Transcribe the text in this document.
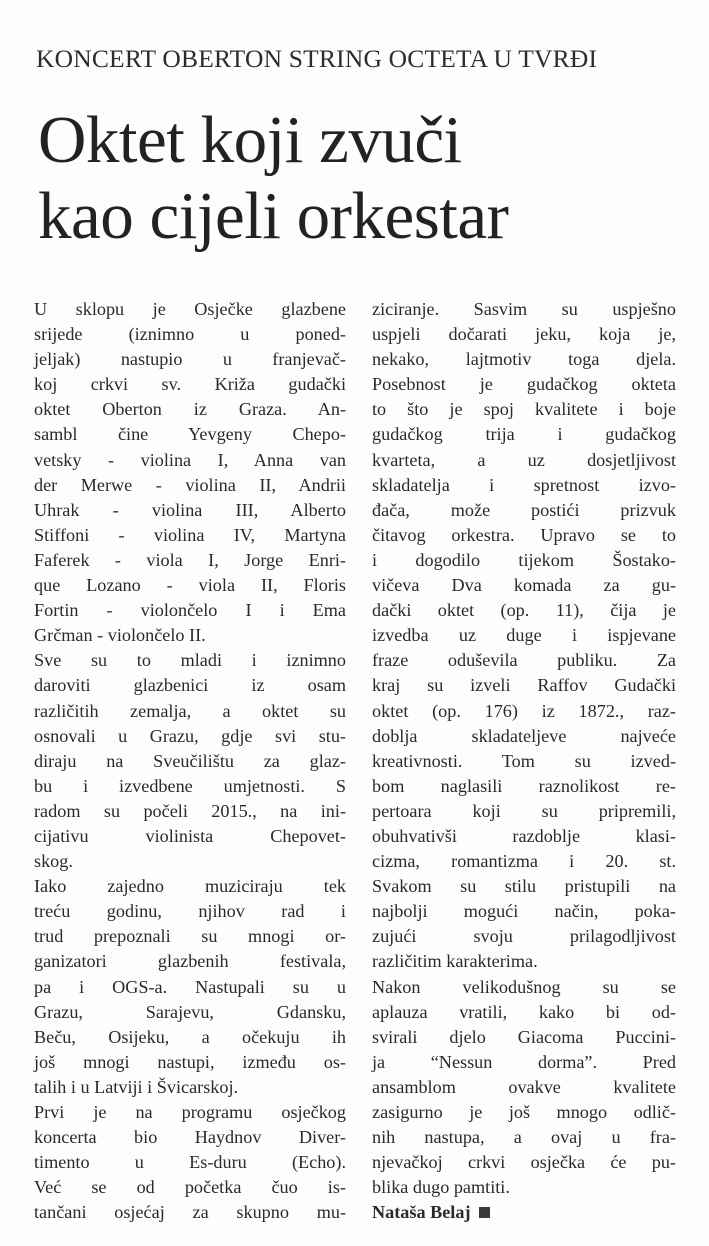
KONCERT OBERTON STRING OCTETA U TVRĐI
Oktet koji zvuči
kao cijeli orkestar
U sklopu je Osječke glazbene
srijede (iznimno u poned-
jeljak) nastupio u franjevač-
koj crkvi sv. Križa gudački
oktet Oberton iz Graza. An-
sambl čine Yevgeny Chepo-
vetsky - violina I, Anna van
der Merwe - violina II, Andrii
Uhrak - violina III, Alberto
Stiffoni - violina IV, Martyna
Faferek - viola I, Jorge Enri-
que Lozano - viola II, Floris
Fortin - violončelo I i Ema
Grčman - violončelo II.
Sve su to mladi i iznimno
daroviti glazbenici iz osam
različitih zemalja, a oktet su
osnovali u Grazu, gdje svi stu-
diraju na Sveučilištu za glaz-
bu i izvedbene umjetnosti. S
radom su počeli 2015., na ini-
cijativu violinista Chepovet-
skog.
Iako zajedno muziciraju tek
treću godinu, njihov rad i
trud prepoznali su mnogi or-
ganizatori glazbenih festivala,
pa i OGS-a. Nastupali su u
Grazu, Sarajevu, Gdansku,
Beču, Osijeku, a očekuju ih
još mnogi nastupi, između os-
talih i u Latviji i Švicarskoj.
Prvi je na programu osječkog
koncerta bio Haydnov Diver-
timento u Es-duru (Echo).
Već se od početka čuo is-
tančani osjećaj za skupno mu-
ziciranje. Sasvim su uspješno
uspjeli dočarati jeku, koja je,
nekako, lajtmotiv toga djela.
Posebnost je gudačkog okteta
to što je spoj kvalitete i boje
gudačkog trija i gudačkog
kvarteta, a uz dosjetljivost
skladatelja i spretnost izvo-
đača, može postići prizvuk
čitavog orkestra. Upravo se to
i dogodilo tijekom Šostako-
vičeva Dva komada za gu-
dački oktet (op. 11), čija je
izvedba uz duge i ispjevane
fraze oduševila publiku. Za
kraj su izveli Raffov Gudački
oktet (op. 176) iz 1872., raz-
doblja skladateljeve najveće
kreativnosti. Tom su izved-
bom naglasili raznolikost re-
pertoara koji su pripremili,
obuhvativši razdoblje klasi-
cizma, romantizma i 20. st.
Svakom su stilu pristupili na
najbolji mogući način, poka-
zujući svoju prilagodljivost
različitim karakterima.
Nakon velikodušnog su se
aplauza vratili, kako bi od-
svirali djelo Giacoma Puccini-
ja “Nessun dorma”. Pred
ansamblom ovakve kvalitete
zasigurno je još mnogo odlič-
nih nastupa, a ovaj u fra-
njevačkoj crkvi osječka će pu-
blika dugo pamtiti.
Nataša Belaj
